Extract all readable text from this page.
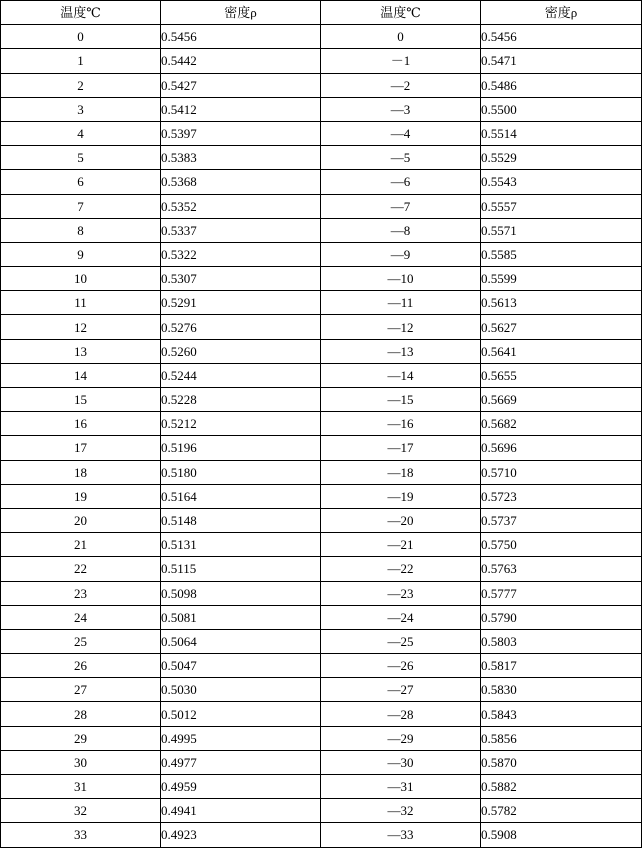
温度℃	密度ρ	温度℃	密度ρ
0	0.5456	0	0.5456
1	0.5442	－1	0.5471
2	0.5427	—2	0.5486
3	0.5412	—3	0.5500
4	0.5397	—4	0.5514
5	0.5383	—5	0.5529
6	0.5368	—6	0.5543
7	0.5352	—7	0.5557
8	0.5337	—8	0.5571
9	0.5322	—9	0.5585
10	0.5307	—10	0.5599
11	0.5291	—11	0.5613
12	0.5276	—12	0.5627
13	0.5260	—13	0.5641
14	0.5244	—14	0.5655
15	0.5228	—15	0.5669
16	0.5212	—16	0.5682
17	0.5196	—17	0.5696
18	0.5180	—18	0.5710
19	0.5164	—19	0.5723
20	0.5148	—20	0.5737
21	0.5131	—21	0.5750
22	0.5115	—22	0.5763
23	0.5098	—23	0.5777
24	0.5081	—24	0.5790
25	0.5064	—25	0.5803
26	0.5047	—26	0.5817
27	0.5030	—27	0.5830
28	0.5012	—28	0.5843
29	0.4995	—29	0.5856
30	0.4977	—30	0.5870
31	0.4959	—31	0.5882
32	0.4941	—32	0.5782
33	0.4923	—33	0.5908
